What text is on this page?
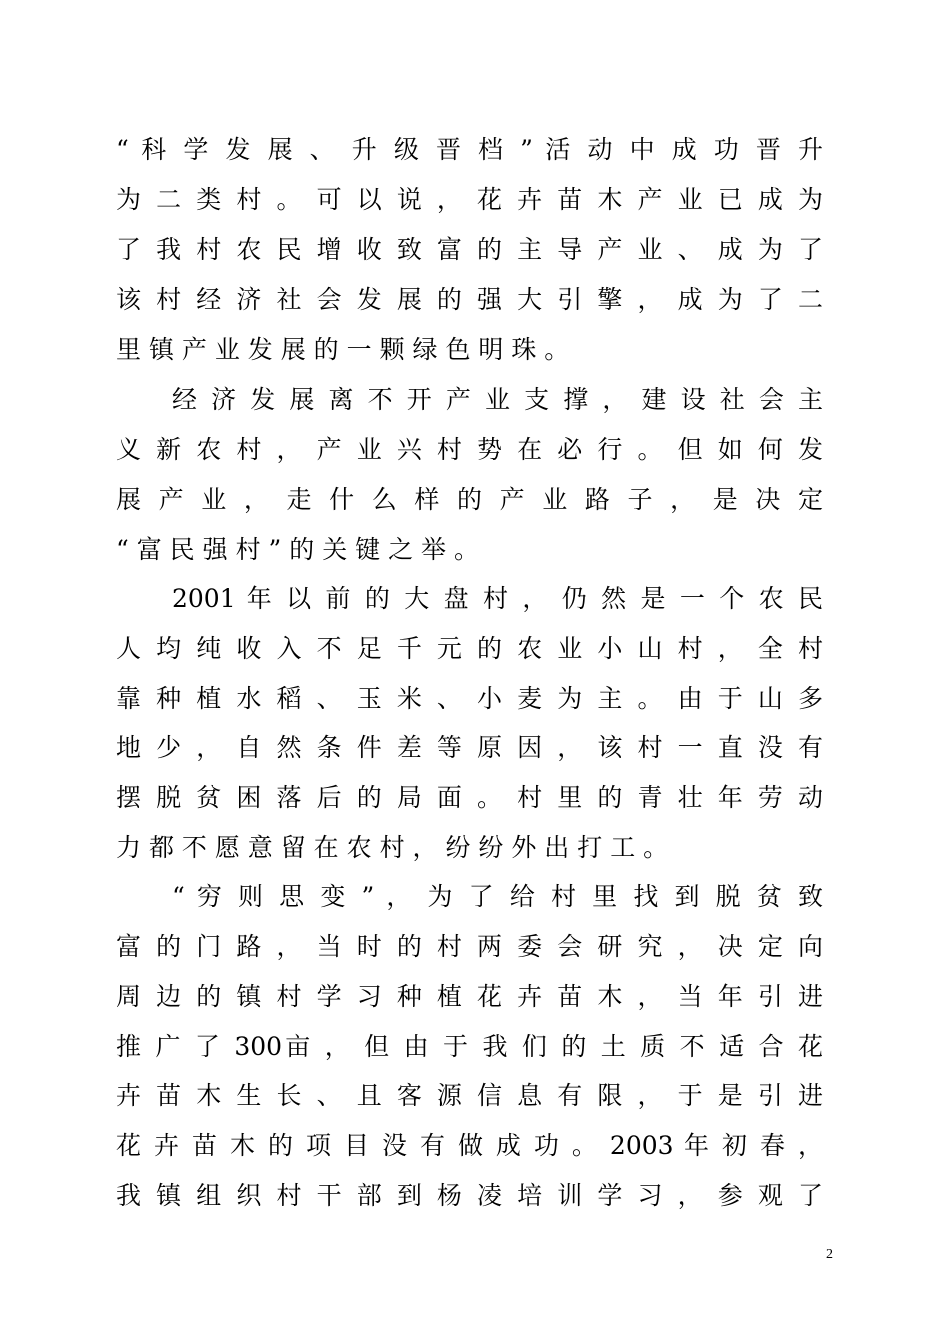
“ 科 学 发 展 、 升 级 晋 档 ” 活 动 中 成 功 晋 升
为 二 类 村 。 可 以 说 ， 花 卉 苗 木 产 业 已 成 为
了 我 村 农 民 增 收 致 富 的 主 导 产 业 、 成 为 了
该 村 经 济 社 会 发 展 的 强 大 引 擎 ， 成 为 了 二
里 镇 产 业 发 展 的 一 颗 绿 色 明 珠 。
经 济 发 展 离 不 开 产 业 支 撑 ， 建 设 社 会 主
义 新 农 村 ， 产 业 兴 村 势 在 必 行 。 但 如 何 发
展 产 业 ， 走 什 么 样 的 产 业 路 子 ， 是 决 定
“ 富 民 强 村 ” 的 关 键 之 举 。
2001 年 以 前 的 大 盘 村 ， 仍 然 是 一 个 农 民
人 均 纯 收 入 不 足 千 元 的 农 业 小 山 村 ， 全 村
靠 种 植 水 稻 、 玉 米 、 小 麦 为 主 。 由 于 山 多
地 少 ， 自 然 条 件 差 等 原 因 ， 该 村 一 直 没 有
摆 脱 贫 困 落 后 的 局 面 。 村 里 的 青 壮 年 劳 动
力 都 不 愿 意 留 在 农 村 ， 纷 纷 外 出 打 工 。
“ 穷 则 思 变 ” ， 为 了 给 村 里 找 到 脱 贫 致
富 的 门 路 ， 当 时 的 村 两 委 会 研 究 ， 决 定 向
周 边 的 镇 村 学 习 种 植 花 卉 苗 木 ， 当 年 引 进
推 广 了 300亩 ， 但 由 于 我 们 的 土 质 不 适 合 花
卉 苗 木 生 长 、 且 客 源 信 息 有 限 ， 于 是 引 进
花 卉 苗 木 的 项 目 没 有 做 成 功 。 2003 年 初 春 ，
我 镇 组 织 村 干 部 到 杨 凌 培 训 学 习 ， 参 观 了
2
